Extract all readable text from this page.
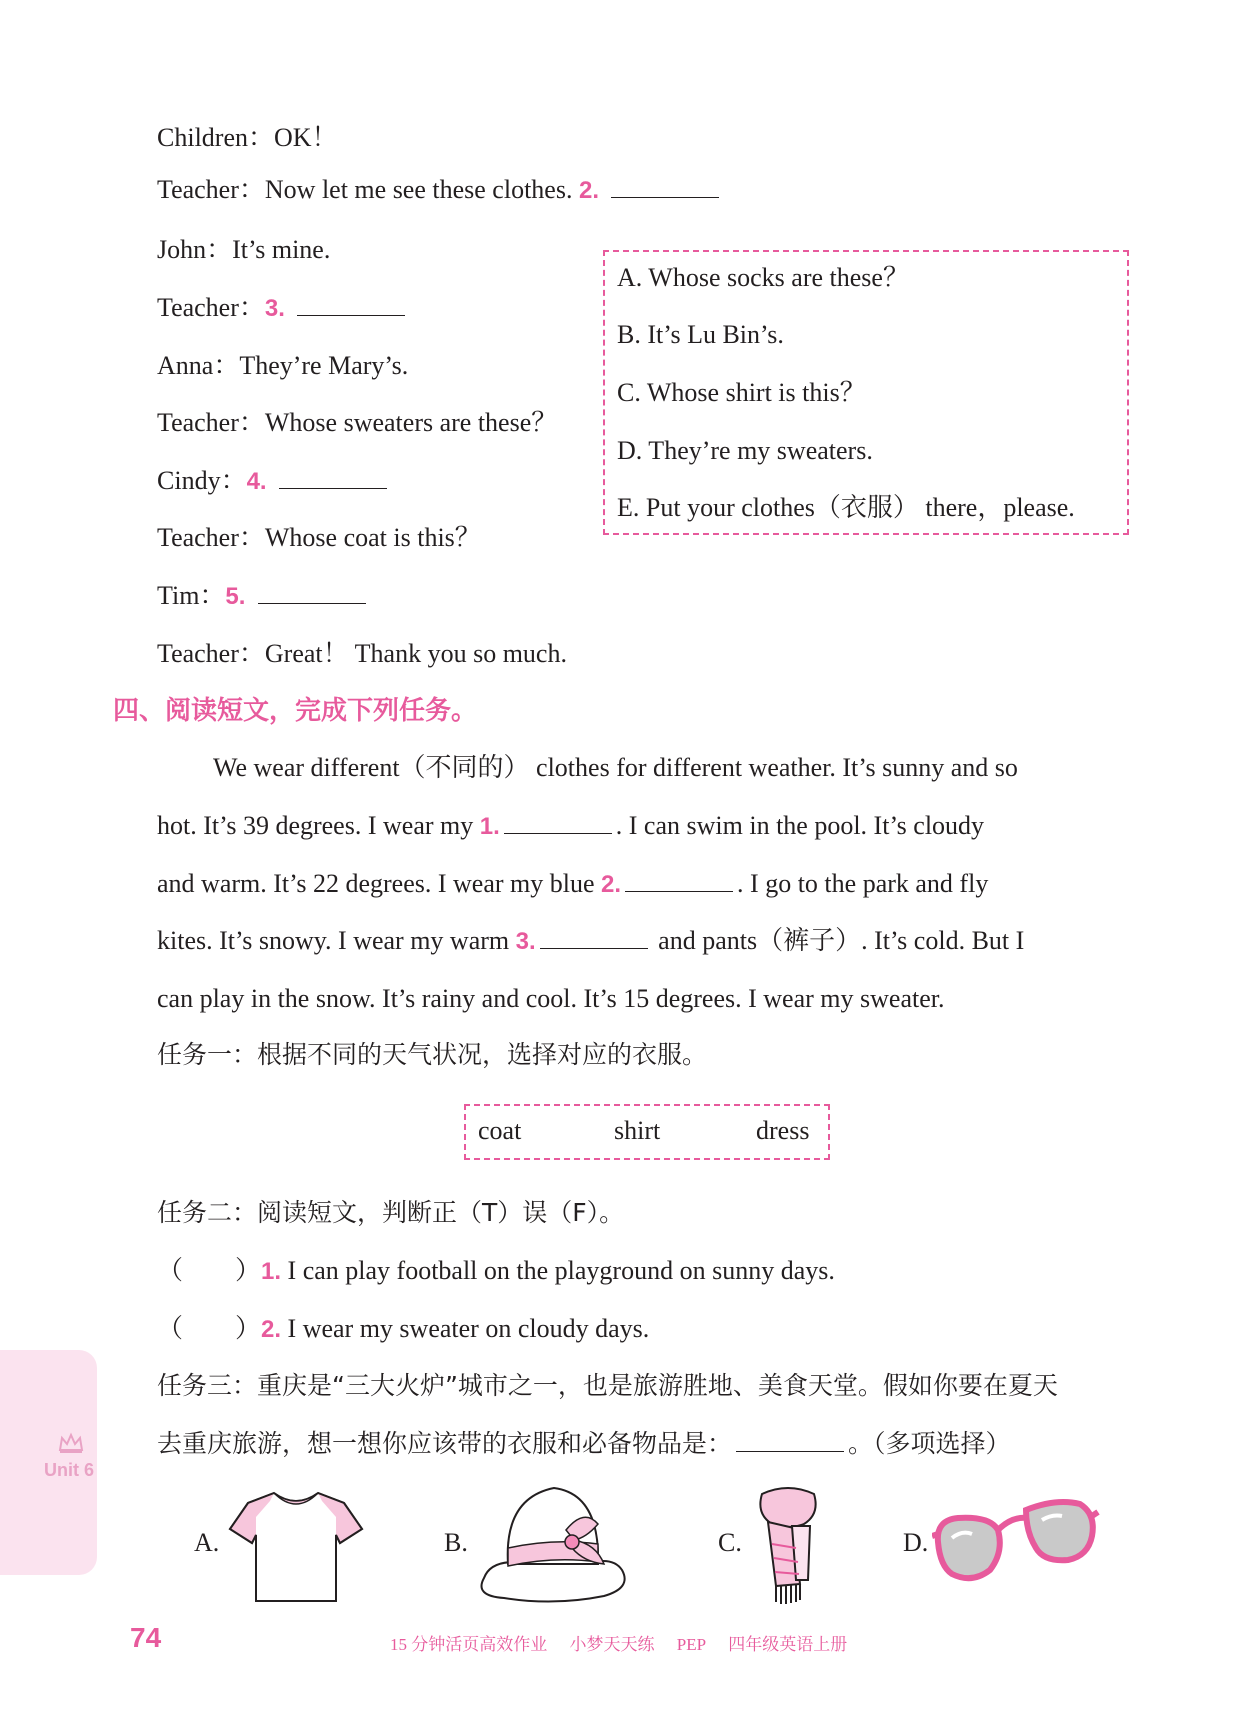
Children：OK！
Teacher：Now let me see these clothes. 2.
John：It’s mine.
Teacher：3.
Anna：They’re Mary’s.
Teacher：Whose sweaters are these？
Cindy：4.
Teacher：Whose coat is this？
Tim：5.
Teacher：Great！ Thank you so much.
A. Whose socks are these？
B. It’s Lu Bin’s.
C. Whose shirt is this？
D. They’re my sweaters.
E. Put your clothes（衣服） there，please.
四、阅读短文，完成下列任务。
We wear different（不同的） clothes for different weather. It’s sunny and so
hot. It’s 39 degrees. I wear my 1.	. I can swim in the pool. It’s cloudy
and warm. It’s 22 degrees. I wear my blue 2.	. I go to the park and fly
kites. It’s snowy. I wear my warm 3.	and pants（裤子）. It’s cold. But I
can play in the snow. It’s rainy and cool. It’s 15 degrees. I wear my sweater.
任务一：根据不同的天气状况，选择对应的衣服。
coat	shirt	dress
任务二：阅读短文，判断正（T）误（F）。
（　　）1. I can play football on the playground on sunny days.
（　　）2. I wear my sweater on cloudy days.
任务三：重庆是“三大火炉”城市之一，也是旅游胜地、美食天堂。假如你要在夏天
去重庆旅游，想一想你应该带的衣服和必备物品是：	。（多项选择）
A.	B.	C.	D.
Unit 6
74	15 分钟活页高效作业 小梦天天练 PEP 四年级英语上册
